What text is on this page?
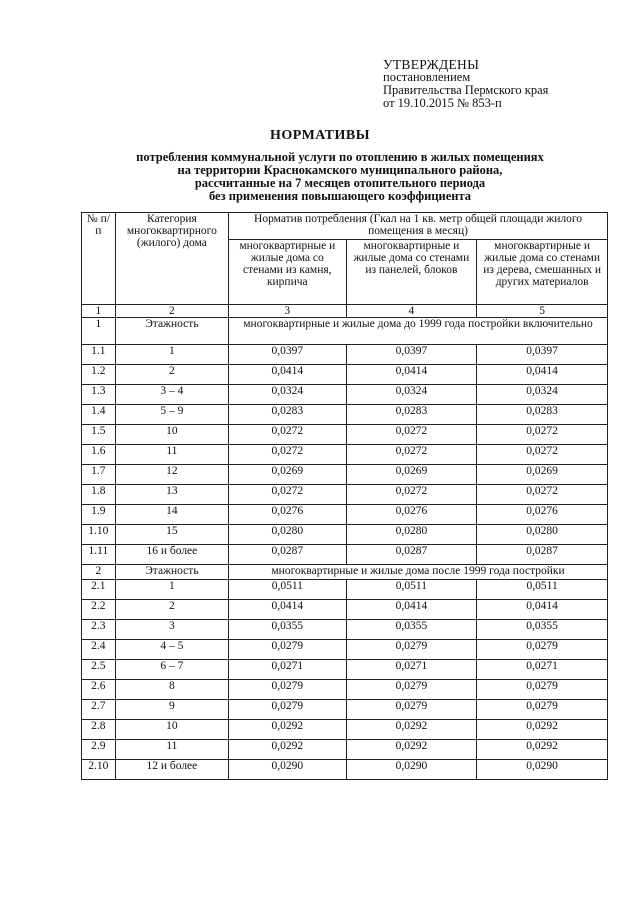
УТВЕРЖДЕНЫ
постановлением
Правительства Пермского края
от 19.10.2015 № 853-п
НОРМАТИВЫ
потребления коммунальной услуги по отоплению в жилых помещениях
на территории Краснокамского муниципального района,
рассчитанные на 7 месяцев отопительного периода
без применения повышающего коэффициента
№ п/п	Категория многоквартирного (жилого) дома	Норматив потребления (Гкал на 1 кв. метр общей площади жилого помещения в месяц)		
		многоквартирные и жилые дома со стенами из камня, кирпича	многоквартирные и жилые дома со стенами из панелей, блоков	многоквартирные и жилые дома со стенами из дерева, смешанных и других материалов
1	2	3	4	5
1	Этажность	многоквартирные и жилые дома до 1999 года постройки включительно		
1.1	1	0,0397	0,0397	0,0397
1.2	2	0,0414	0,0414	0,0414
1.3	3 – 4	0,0324	0,0324	0,0324
1.4	5 – 9	0,0283	0,0283	0,0283
1.5	10	0,0272	0,0272	0,0272
1.6	11	0,0272	0,0272	0,0272
1.7	12	0,0269	0,0269	0,0269
1.8	13	0,0272	0,0272	0,0272
1.9	14	0,0276	0,0276	0,0276
1.10	15	0,0280	0,0280	0,0280
1.11	16 и более	0,0287	0,0287	0,0287
2	Этажность	многоквартирные и жилые дома после 1999 года постройки		
2.1	1	0,0511	0,0511	0,0511
2.2	2	0,0414	0,0414	0,0414
2.3	3	0,0355	0,0355	0,0355
2.4	4 – 5	0,0279	0,0279	0,0279
2.5	6 – 7	0,0271	0,0271	0,0271
2.6	8	0,0279	0,0279	0,0279
2.7	9	0,0279	0,0279	0,0279
2.8	10	0,0292	0,0292	0,0292
2.9	11	0,0292	0,0292	0,0292
2.10	12 и более	0,0290	0,0290	0,0290
